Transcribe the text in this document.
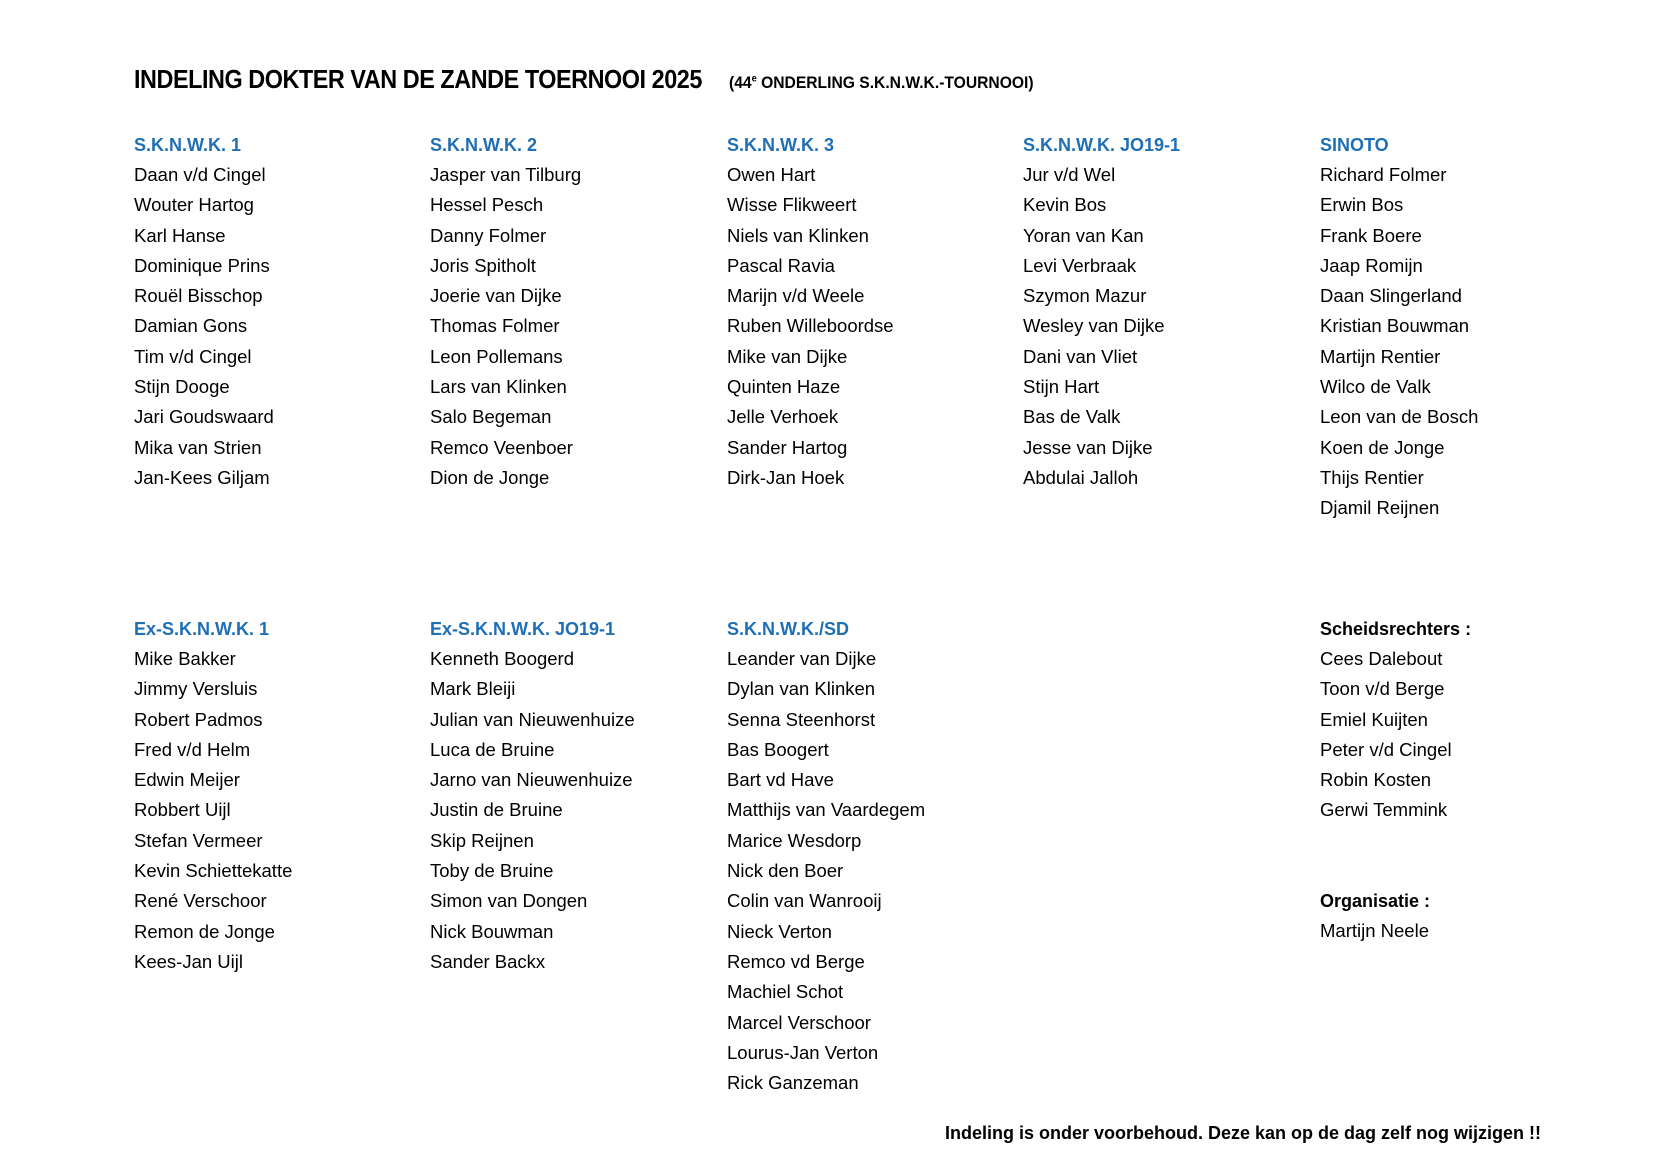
INDELING DOKTER VAN DE ZANDE TOERNOOI 2025 (44e ONDERLING S.K.N.W.K.-TOURNOOI)
S.K.N.W.K. 1
Daan v/d Cingel
Wouter Hartog
Karl Hanse
Dominique Prins
Rouël Bisschop
Damian Gons
Tim v/d Cingel
Stijn Dooge
Jari Goudswaard
Mika van Strien
Jan-Kees Giljam
S.K.N.W.K. 2
Jasper van Tilburg
Hessel Pesch
Danny Folmer
Joris Spitholt
Joerie van Dijke
Thomas Folmer
Leon Pollemans
Lars van Klinken
Salo Begeman
Remco Veenboer
Dion de Jonge
S.K.N.W.K. 3
Owen Hart
Wisse Flikweert
Niels van Klinken
Pascal Ravia
Marijn v/d Weele
Ruben Willeboordse
Mike van Dijke
Quinten Haze
Jelle Verhoek
Sander Hartog
Dirk-Jan Hoek
S.K.N.W.K. JO19-1
Jur v/d Wel
Kevin Bos
Yoran van Kan
Levi Verbraak
Szymon Mazur
Wesley van Dijke
Dani van Vliet
Stijn Hart
Bas de Valk
Jesse van Dijke
Abdulai Jalloh
SINOTO
Richard Folmer
Erwin Bos
Frank Boere
Jaap Romijn
Daan Slingerland
Kristian Bouwman
Martijn Rentier
Wilco de Valk
Leon van de Bosch
Koen de Jonge
Thijs Rentier
Djamil Reijnen
Ex-S.K.N.W.K. 1
Mike Bakker
Jimmy Versluis
Robert Padmos
Fred v/d Helm
Edwin Meijer
Robbert Uijl
Stefan Vermeer
Kevin Schiettekatte
René Verschoor
Remon de Jonge
Kees-Jan Uijl
Ex-S.K.N.W.K. JO19-1
Kenneth Boogerd
Mark Bleiji
Julian van Nieuwenhuize
Luca de Bruine
Jarno van Nieuwenhuize
Justin de Bruine
Skip Reijnen
Toby de Bruine
Simon van Dongen
Nick Bouwman
Sander Backx
S.K.N.W.K./SD
Leander van Dijke
Dylan van Klinken
Senna Steenhorst
Bas Boogert
Bart vd Have
Matthijs van Vaardegem
Marice Wesdorp
Nick den Boer
Colin van Wanrooij
Nieck Verton
Remco vd Berge
Machiel Schot
Marcel Verschoor
Lourus-Jan Verton
Rick Ganzeman
Scheidsrechters :
Cees Dalebout
Toon v/d Berge
Emiel Kuijten
Peter v/d Cingel
Robin Kosten
Gerwi Temmink
Organisatie :
Martijn Neele
Indeling is onder voorbehoud. Deze kan op de dag zelf nog wijzigen !!
